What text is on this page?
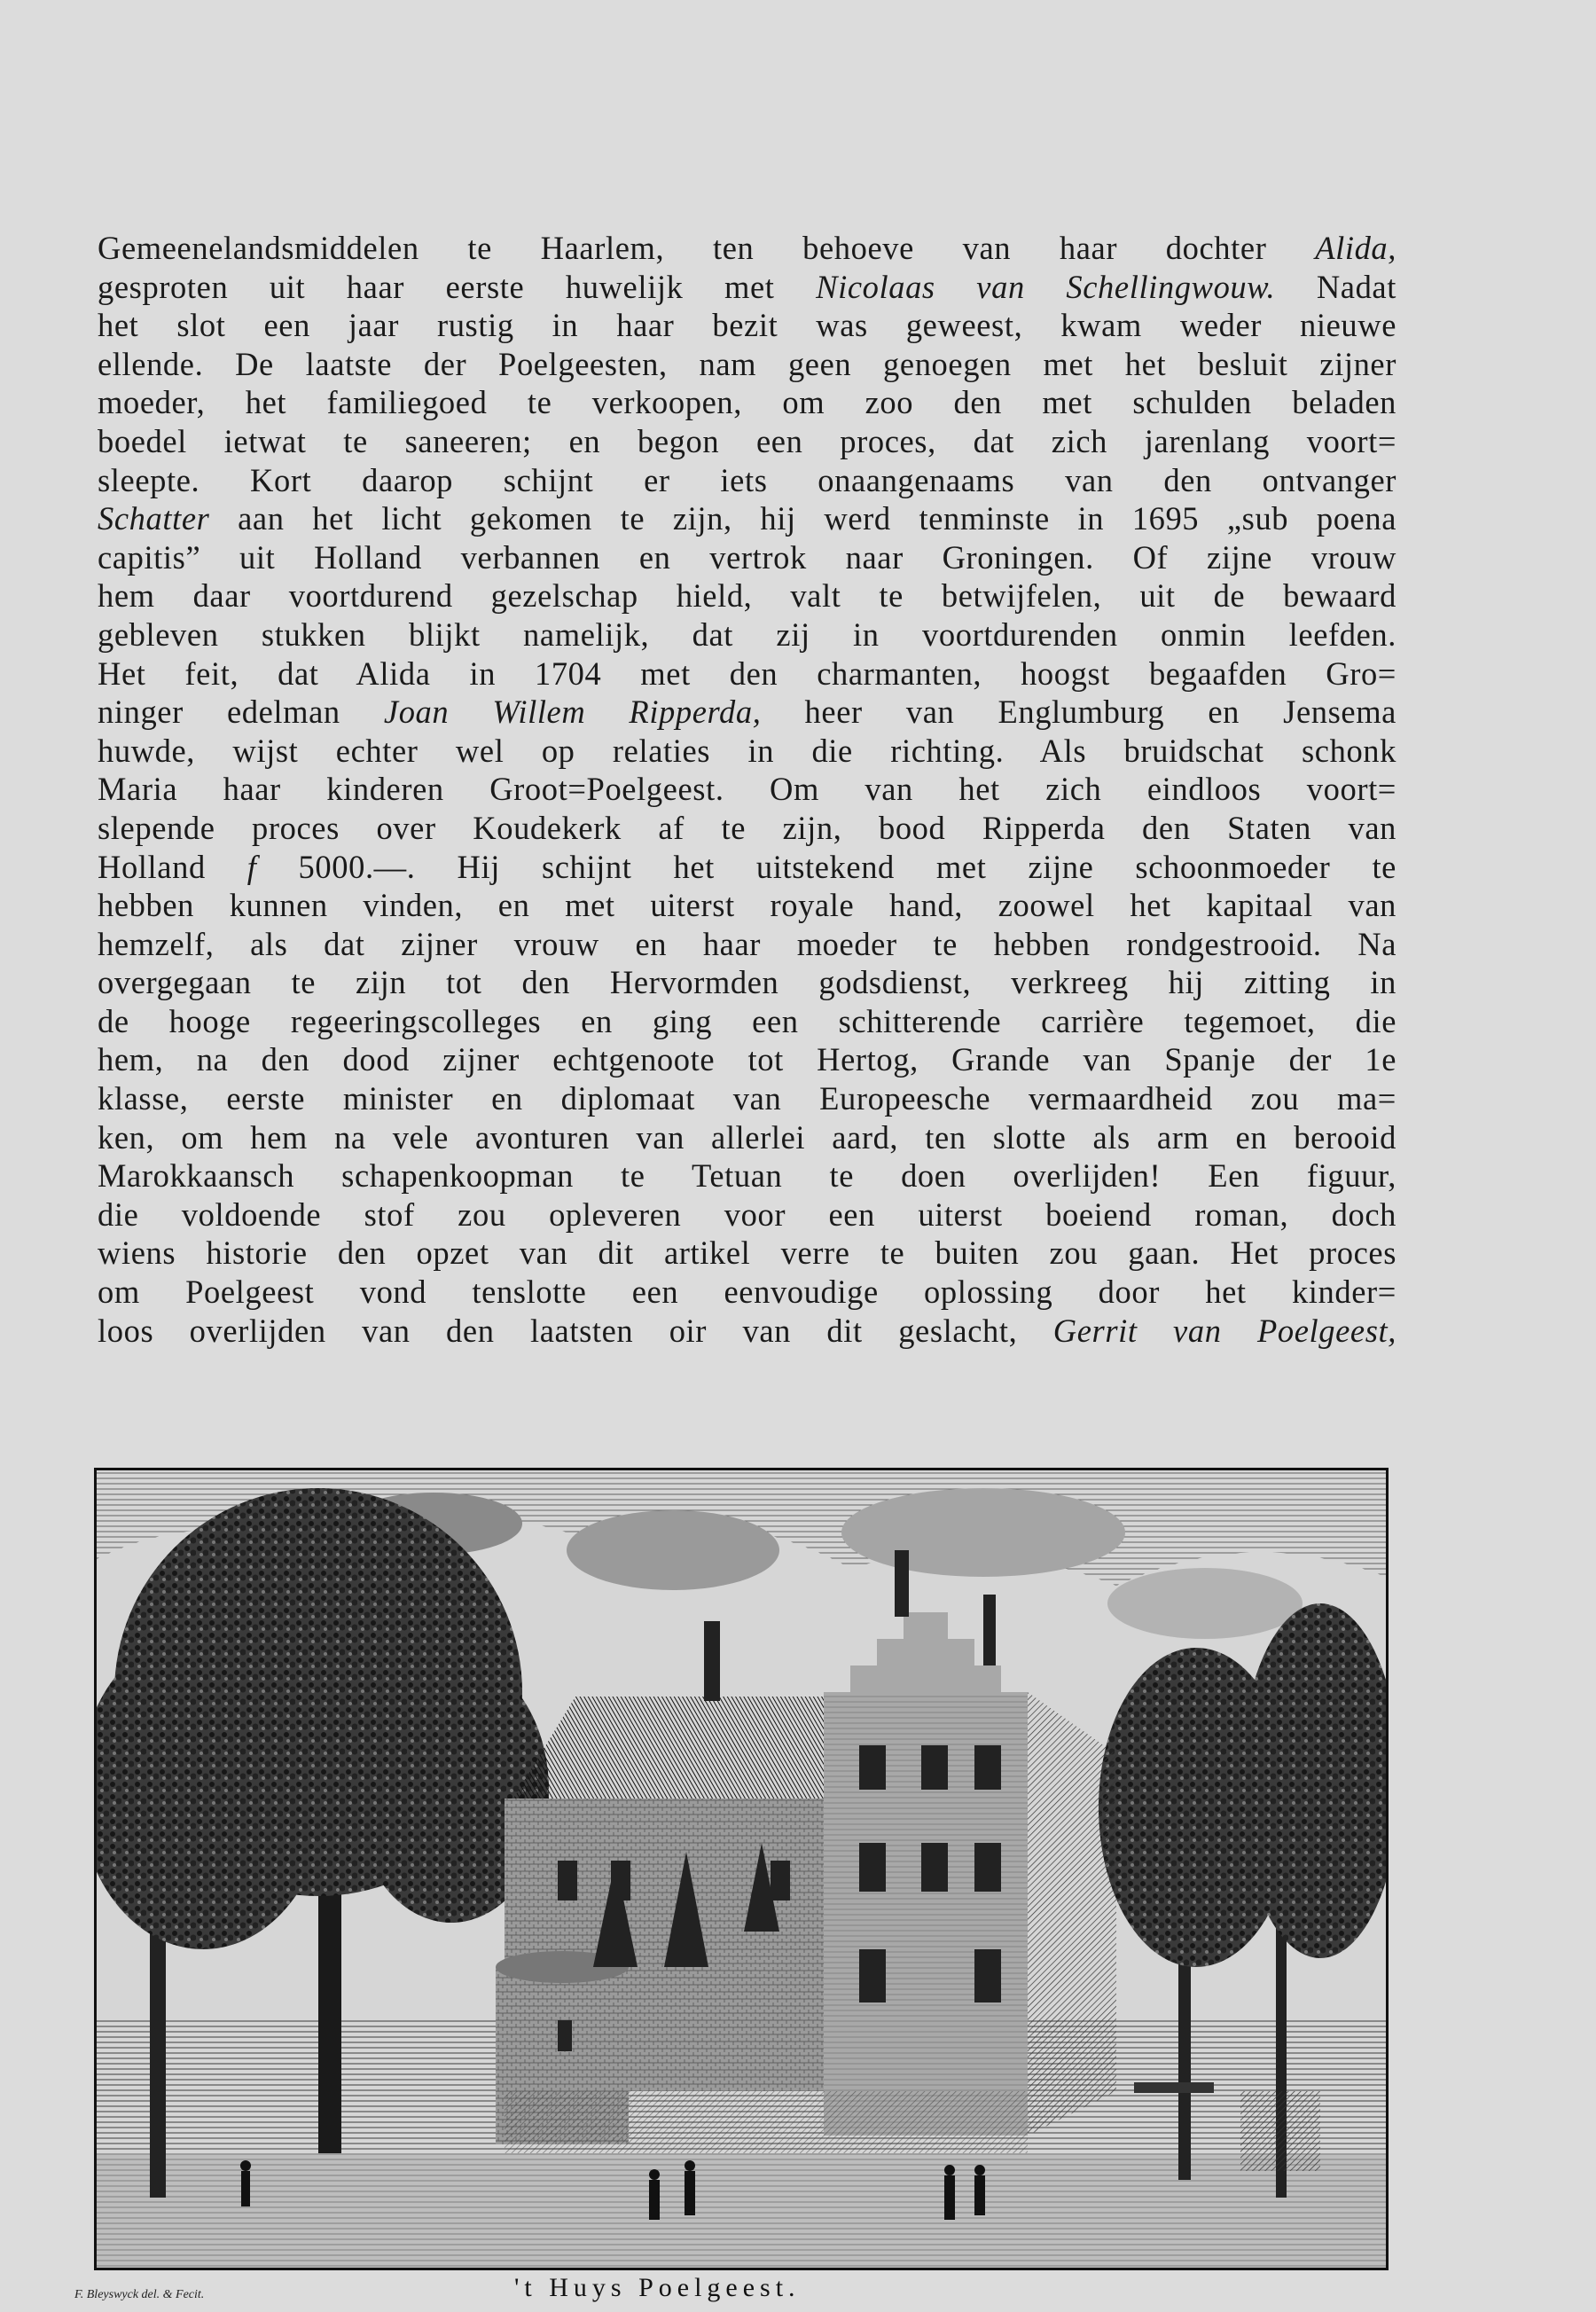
Gemeenelandsmiddelen te Haarlem, ten behoeve van haar dochter Alida,
gesproten uit haar eerste huwelijk met Nicolaas van Schellingwouw. Nadat
het slot een jaar rustig in haar bezit was geweest, kwam weder nieuwe
ellende. De laatste der Poelgeesten, nam geen genoegen met het besluit zijner
moeder, het familiegoed te verkoopen, om zoo den met schulden beladen
boedel ietwat te saneeren; en begon een proces, dat zich jarenlang voort=
sleepte. Kort daarop schijnt er iets onaangenaams van den ontvanger
Schatter aan het licht gekomen te zijn, hij werd tenminste in 1695 „sub poena
capitis” uit Holland verbannen en vertrok naar Groningen. Of zijne vrouw
hem daar voortdurend gezelschap hield, valt te betwijfelen, uit de bewaard
gebleven stukken blijkt namelijk, dat zij in voortdurenden onmin leefden.
Het feit, dat Alida in 1704 met den charmanten, hoogst begaafden Gro=
ninger edelman Joan Willem Ripperda, heer van Englumburg en Jensema
huwde, wijst echter wel op relaties in die richting. Als bruidschat schonk
Maria haar kinderen Groot=Poelgeest. Om van het zich eindloos voort=
slepende proces over Koudekerk af te zijn, bood Ripperda den Staten van
Holland f 5000.—. Hij schijnt het uitstekend met zijne schoonmoeder te
hebben kunnen vinden, en met uiterst royale hand, zoowel het kapitaal van
hemzelf, als dat zijner vrouw en haar moeder te hebben rondgestrooid. Na
overgegaan te zijn tot den Hervormden godsdienst, verkreeg hij zitting in
de hooge regeeringscolleges en ging een schitterende carrière tegemoet, die
hem, na den dood zijner echtgenoote tot Hertog, Grande van Spanje der 1e
klasse, eerste minister en diplomaat van Europeesche vermaardheid zou ma=
ken, om hem na vele avonturen van allerlei aard, ten slotte als arm en berooid
Marokkaansch schapenkoopman te Tetuan te doen overlijden! Een figuur,
die voldoende stof zou opleveren voor een uiterst boeiend roman, doch
wiens historie den opzet van dit artikel verre te buiten zou gaan. Het proces
om Poelgeest vond tenslotte een eenvoudige oplossing door het kinder=
loos overlijden van den laatsten oir van dit geslacht, Gerrit van Poelgeest,
F. Bleyswyck del. & Fecit.	't Huys Poelgeest.
